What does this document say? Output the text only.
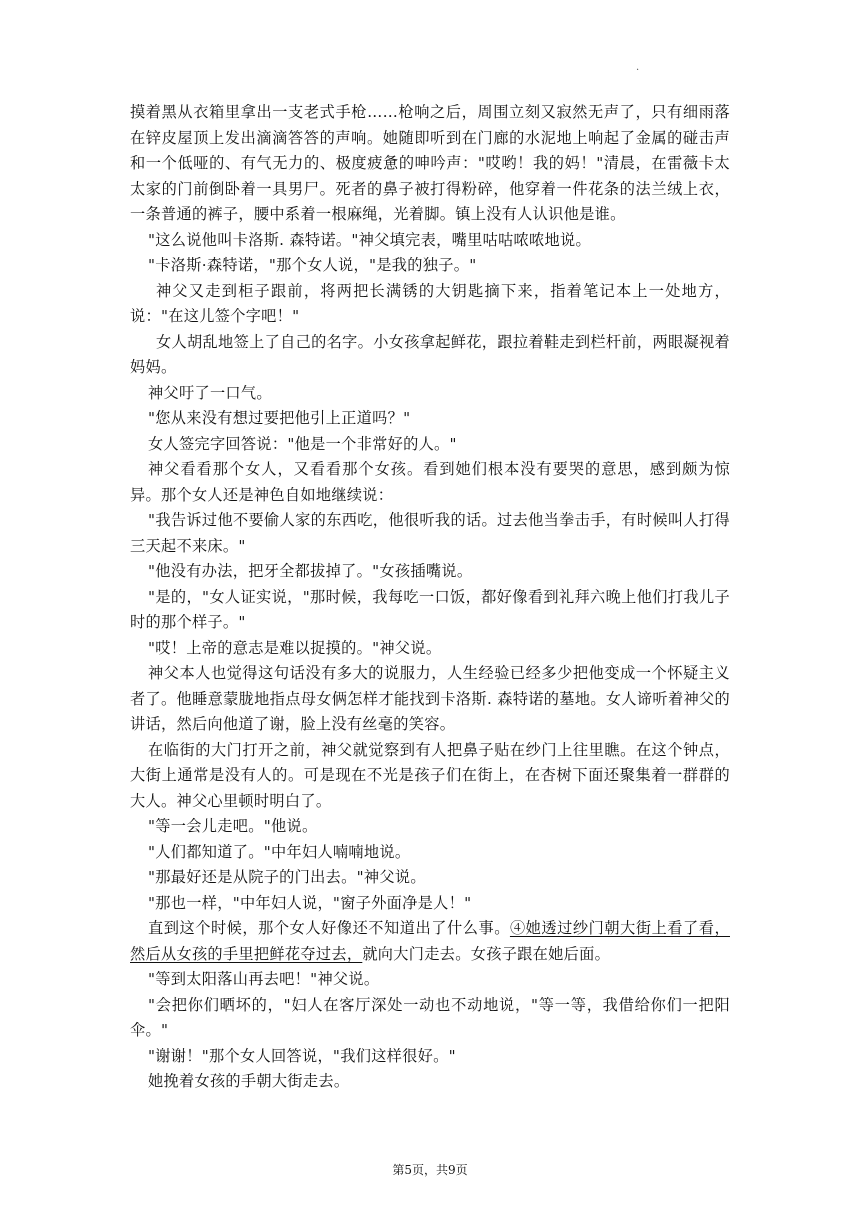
.

摸着黑从衣箱里拿出一支老式手枪……枪响之后，周围立刻又寂然无声了，只有细雨落在锌皮屋顶上发出滴滴答答的声响。她随即听到在门廊的水泥地上响起了金属的碰击声和一个低哑的、有气无力的、极度疲惫的呻吟声："哎哟！我的妈！"清晨，在雷薇卡太太家的门前倒卧着一具男尸。死者的鼻子被打得粉碎，他穿着一件花条的法兰绒上衣，一条普通的裤子，腰中系着一根麻绳，光着脚。镇上没有人认识他是谁。

"这么说他叫卡洛斯. 森特诺。"神父填完表，嘴里咕咕哝哝地说。

"卡洛斯·森特诺，"那个女人说，"是我的独子。"

神父又走到柜子跟前，将两把长满锈的大钥匙摘下来，指着笔记本上一处地方，说："在这儿签个字吧！"

女人胡乱地签上了自己的名字。小女孩拿起鲜花，跟拉着鞋走到栏杆前，两眼凝视着妈妈。

神父吁了一口气。

"您从来没有想过要把他引上正道吗？"

女人签完字回答说："他是一个非常好的人。"

神父看看那个女人，又看看那个女孩。看到她们根本没有要哭的意思，感到颇为惊异。那个女人还是神色自如地继续说：

"我告诉过他不要偷人家的东西吃，他很听我的话。过去他当拳击手，有时候叫人打得三天起不来床。"

"他没有办法，把牙全都拔掉了。"女孩插嘴说。

"是的，"女人证实说，"那时候，我每吃一口饭，都好像看到礼拜六晚上他们打我儿子时的那个样子。"

"哎！上帝的意志是难以捉摸的。"神父说。

神父本人也觉得这句话没有多大的说服力，人生经验已经多少把他变成一个怀疑主义者了。他睡意蒙胧地指点母女俩怎样才能找到卡洛斯. 森特诺的墓地。女人谛听着神父的讲话，然后向他道了谢，脸上没有丝毫的笑容。

在临街的大门打开之前，神父就觉察到有人把鼻子贴在纱门上往里瞧。在这个钟点，大街上通常是没有人的。可是现在不光是孩子们在街上，在杏树下面还聚集着一群群的大人。神父心里顿时明白了。

"等一会儿走吧。"他说。

"人们都知道了。"中年妇人喃喃地说。

"那最好还是从院子的门出去。"神父说。

"那也一样，"中年妇人说，"窗子外面净是人！"

直到这个时候，那个女人好像还不知道出了什么事。④她透过纱门朝大街上看了看，然后从女孩的手里把鲜花夺过去，就向大门走去。女孩子跟在她后面。

"等到太阳落山再去吧！"神父说。

"会把你们晒坏的，"妇人在客厅深处一动也不动地说，"等一等，我借给你们一把阳伞。"

"谢谢！"那个女人回答说，"我们这样很好。"

她挽着女孩的手朝大街走去。

第5页，共9页
